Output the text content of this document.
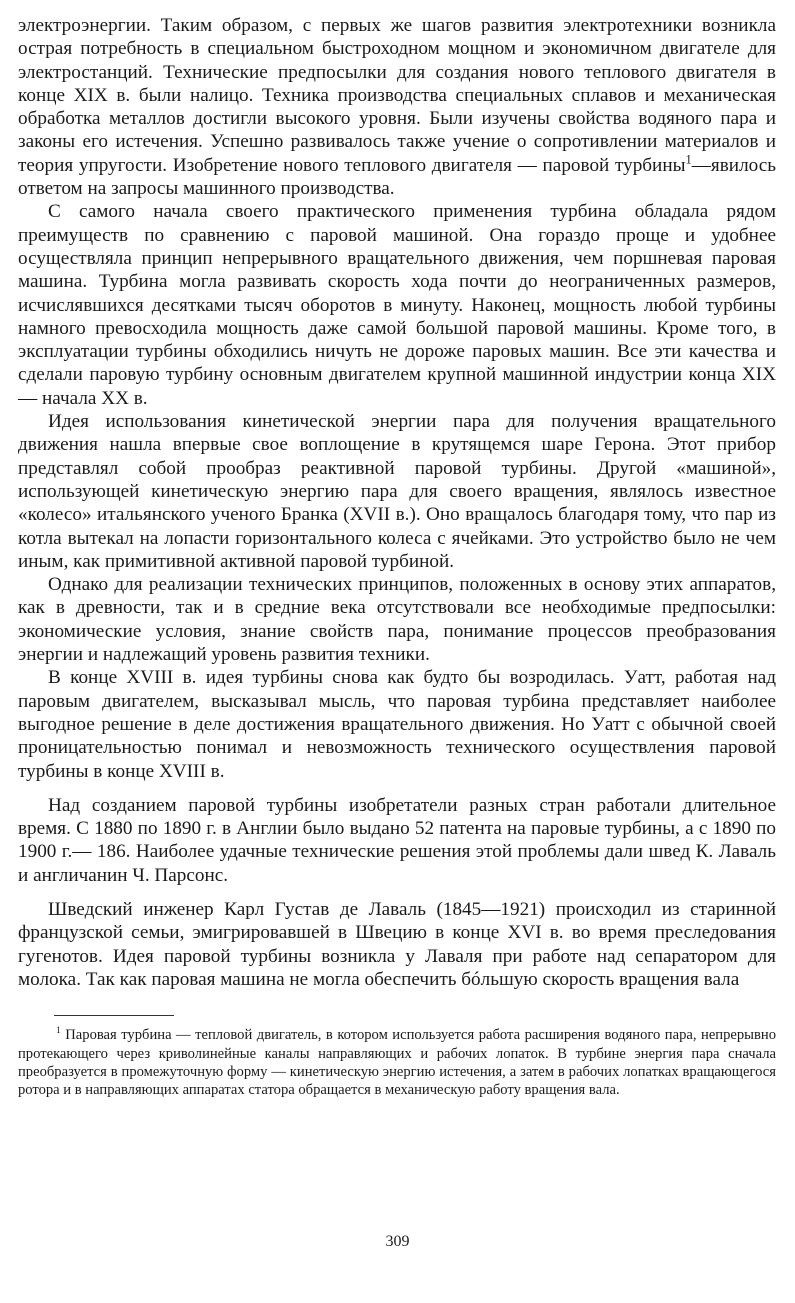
электроэнергии. Таким образом, с первых же шагов развития электротехники возникла острая потребность в специальном быстроходном мощном и экономичном двигателе для электростанций. Технические предпосылки для создания нового теплового двигателя в конце XIX в. были налицо. Техника производства специальных сплавов и механическая обработка металлов достигли высокого уровня. Были изучены свойства водяного пара и законы его истечения. Успешно развивалось также учение о сопротивлении материалов и теория упругости. Изобретение нового теплового двигателя — паровой турбины$^1$—явилось ответом на запросы машинного производства.

С самого начала своего практического применения турбина обладала рядом преимуществ по сравнению с паровой машиной. Она гораздо проще и удобнее осуществляла принцип непрерывного вращательного движения, чем поршневая паровая машина. Турбина могла развивать скорость хода почти до неограниченных размеров, исчислявшихся десятками тысяч оборотов в минуту. Наконец, мощность любой турбины намного превосходила мощность даже самой большой паровой машины. Кроме того, в эксплуатации турбины обходились ничуть не дороже паровых машин. Все эти качества и сделали паровую турбину основным двигателем крупной машинной индустрии конца XIX — начала XX в.

Идея использования кинетической энергии пара для получения вращательного движения нашла впервые свое воплощение в крутящемся шаре Герона. Этот прибор представлял собой прообраз реактивной паровой турбины. Другой «машиной», использующей кинетическую энергию пара для своего вращения, являлось известное «колесо» итальянского ученого Бранка (XVII в.). Оно вращалось благодаря тому, что пар из котла вытекал на лопасти горизонтального колеса с ячейками. Это устройство было не чем иным, как примитивной активной паровой турбиной.

Однако для реализации технических принципов, положенных в основу этих аппаратов, как в древности, так и в средние века отсутствовали все необходимые предпосылки: экономические условия, знание свойств пара, понимание процессов преобразования энергии и надлежащий уровень развития техники.

В конце XVIII в. идея турбины снова как будто бы возродилась. Уатт, работая над паровым двигателем, высказывал мысль, что паровая турбина представляет наиболее выгодное решение в деле достижения вращательного движения. Но Уатт с обычной своей проницательностью понимал и невозможность технического осуществления паровой турбины в конце XVIII в.

Над созданием паровой турбины изобретатели разных стран работали длительное время. С 1880 по 1890 г. в Англии было выдано 52 патента на паровые турбины, а с 1890 по 1900 г.— 186. Наиболее удачные технические решения этой проблемы дали швед К. Лаваль и англичанин Ч. Парсонс.

Шведский инженер Карл Густав де Лаваль (1845—1921) происходил из старинной французской семьи, эмигрировавшей в Швецию в конце XVI в. во время преследования гугенотов. Идея паровой турбины возникла у Лаваля при работе над сепаратором для молока. Так как паровая машина не могла обеспечить бóльшую скорость вращения вала

$^1$ Паровая турбина — тепловой двигатель, в котором используется работа расширения водяного пара, непрерывно протекающего через криволинейные каналы направляющих и рабочих лопаток. В турбине энергия пара сначала преобразуется в промежуточную форму — кинетическую энергию истечения, а затем в рабочих лопатках вращающегося ротора и в направляющих аппаратах статора обращается в механическую работу вращения вала.

309
